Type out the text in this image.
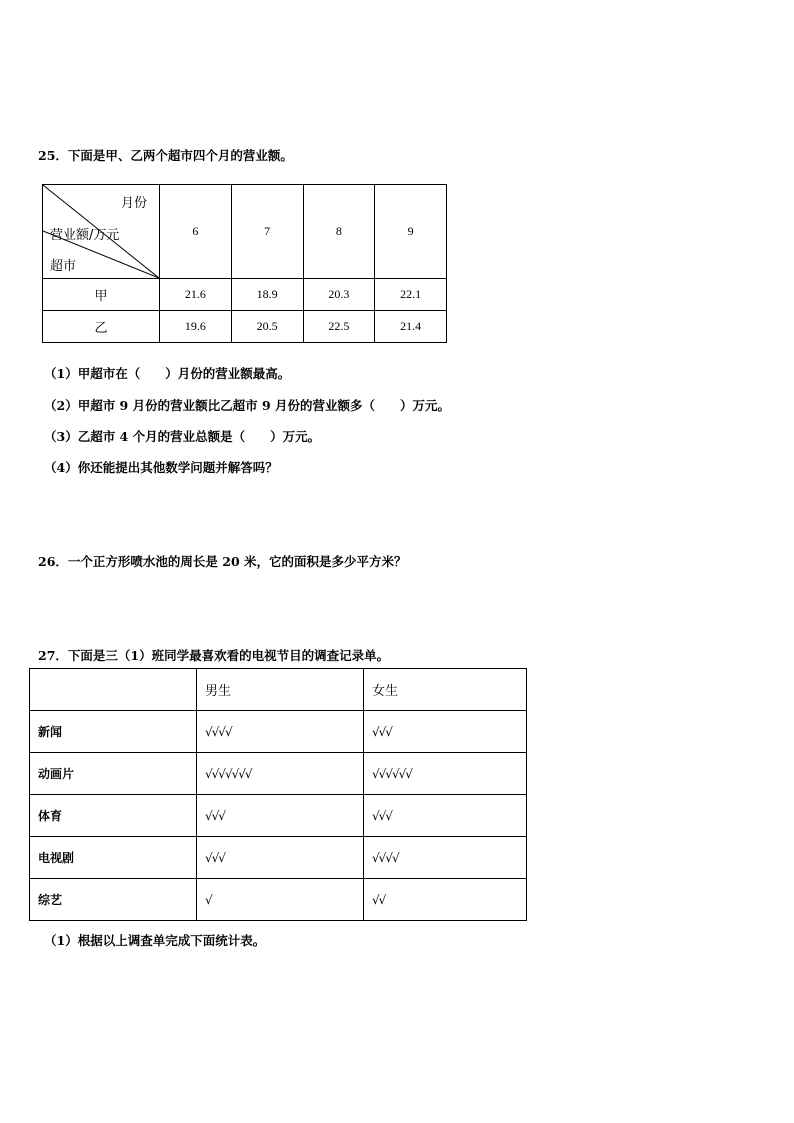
25．下面是甲、乙两个超市四个月的营业额。
月份
营业额/万元
超市	6	7	8	9
甲	21.6	18.9	20.3	22.1
乙	19.6	20.5	22.5	21.4
（1）甲超市在（　　）月份的营业额最高。
（2）甲超市 9 月份的营业额比乙超市 9 月份的营业额多（　　）万元。
（3）乙超市 4 个月的营业总额是（　　）万元。
（4）你还能提出其他数学问题并解答吗？
26．一个正方形喷水池的周长是 20 米，它的面积是多少平方米？
27．下面是三（1）班同学最喜欢看的电视节目的调查记录单。
	男生	女生
新闻	√√√√	√√√
动画片	√√√√√√√	√√√√√√
体育	√√√	√√√
电视剧	√√√	√√√√
综艺	√	√√
（1）根据以上调查单完成下面统计表。
